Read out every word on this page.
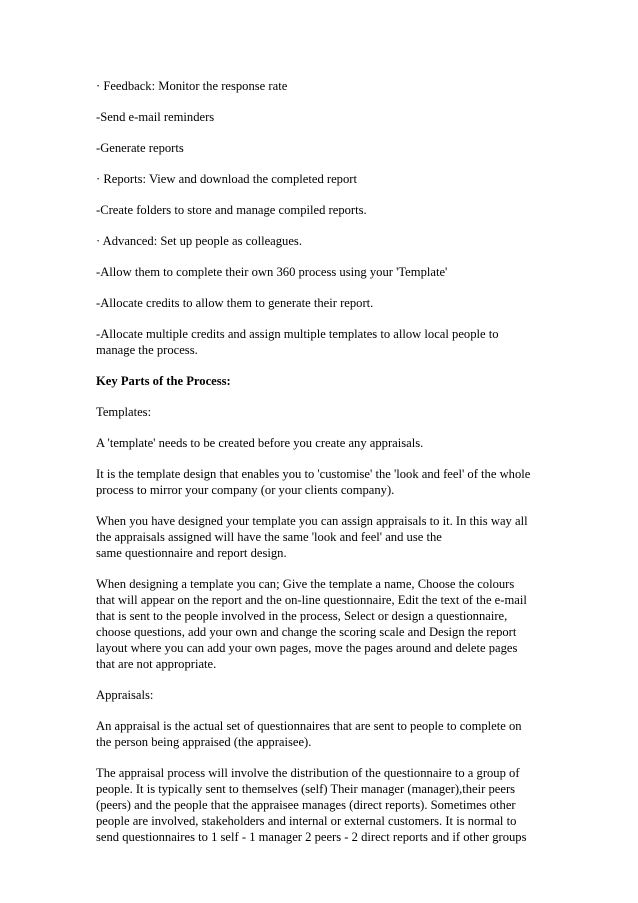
· Feedback: Monitor the response rate

-Send e-mail reminders

-Generate reports

· Reports: View and download the completed report

-Create folders to store and manage compiled reports.

· Advanced: Set up people as colleagues.

-Allow them to complete their own 360 process using your 'Template'

-Allocate credits to allow them to generate their report.

-Allocate multiple credits and assign multiple templates to allow local people to
manage the process.

Key Parts of the Process:

Templates:

A 'template' needs to be created before you create any appraisals.

It is the template design that enables you to 'customise' the 'look and feel' of the whole
process to mirror your company (or your clients company).

When you have designed your template you can assign appraisals to it. In this way all
the appraisals assigned will have the same 'look and feel' and use the
same questionnaire and report design.

When designing a template you can; Give the template a name, Choose the colours
that will appear on the report and the on-line questionnaire, Edit the text of the e-mail
that is sent to the people involved in the process, Select or design a questionnaire,
choose questions, add your own and change the scoring scale and Design the report
layout where you can add your own pages, move the pages around and delete pages
that are not appropriate.

Appraisals:

An appraisal is the actual set of questionnaires that are sent to people to complete on
the person being appraised (the appraisee).

The appraisal process will involve the distribution of the questionnaire to a group of
people. It is typically sent to themselves (self) Their manager (manager),their peers
(peers) and the people that the appraisee manages (direct reports). Sometimes other
people are involved, stakeholders and internal or external customers. It is normal to
send questionnaires to 1 self - 1 manager 2 peers - 2 direct reports and if other groups
